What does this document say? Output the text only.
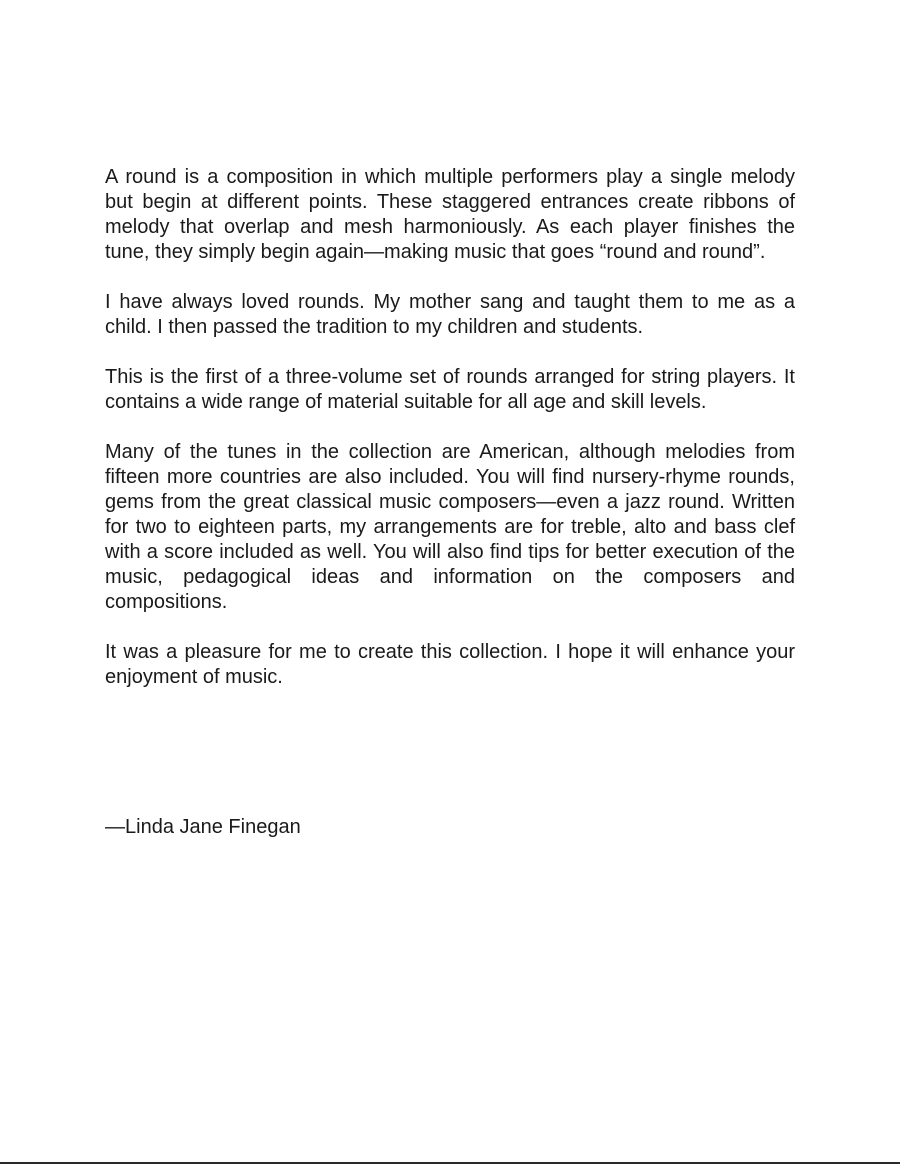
A round is a composition in which multiple performers play a single melody but begin at different points. These staggered entrances create ribbons of melody that overlap and mesh harmoniously. As each player finishes the tune, they simply begin again—making music that goes “round and round”.

I have always loved rounds. My mother sang and taught them to me as a child. I then passed the tradition to my children and students.

This is the first of a three-volume set of rounds arranged for string players. It contains a wide range of material suitable for all age and skill levels.

Many of the tunes in the collection are American, although melodies from fifteen more countries are also included. You will find nursery-rhyme rounds, gems from the great classical music composers—even a jazz round. Written for two to eighteen parts, my arrangements are for treble, alto and bass clef with a score included as well. You will also find tips for better execution of the music, pedagogical ideas and information on the composers and compositions.

It was a pleasure for me to create this collection. I hope it will enhance your enjoyment of music.

—Linda Jane Finegan
